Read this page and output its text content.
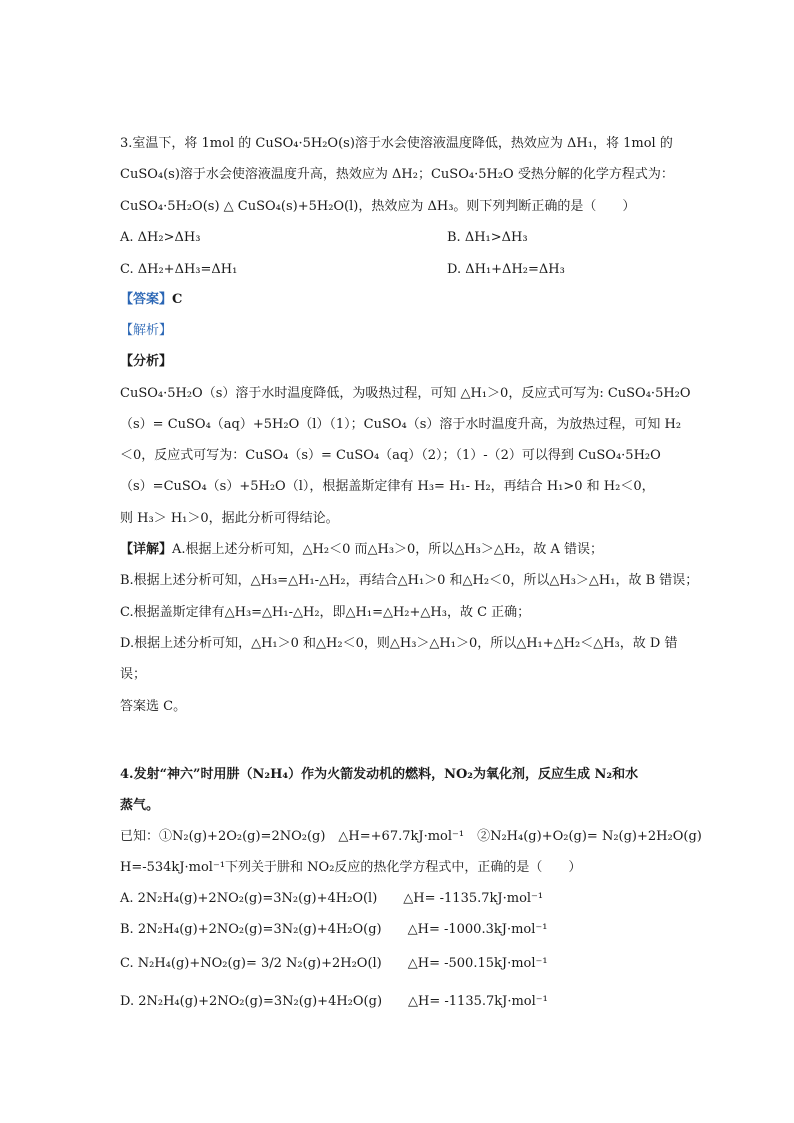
3.室温下，将 1mol 的 CuSO₄·5H₂O(s)溶于水会使溶液温度降低，热效应为 ΔH₁，将 1mol 的
CuSO₄(s)溶于水会使溶液温度升高，热效应为 ΔH₂；CuSO₄·5H₂O 受热分解的化学方程式为：
CuSO₄·5H₂O(s) △ CuSO₄(s)+5H₂O(l)，热效应为 ΔH₃。则下列判断正确的是（　　）
A. ΔH₂>ΔH₃	B. ΔH₁>ΔH₃
C. ΔH₂+ΔH₃=ΔH₁	D. ΔH₁+ΔH₂=ΔH₃
【答案】C
【解析】
【分析】
CuSO₄·5H₂O（s）溶于水时温度降低，为吸热过程，可知 △H₁＞0，反应式可写为: CuSO₄·5H₂O
（s）= CuSO₄（aq）+5H₂O（l）（1）；CuSO₄（s）溶于水时温度升高，为放热过程，可知 H₂
＜0，反应式可写为：CuSO₄（s）= CuSO₄（aq）（2）；（1）-（2）可以得到 CuSO₄·5H₂O
（s）=CuSO₄（s）+5H₂O（l），根据盖斯定律有 H₃= H₁- H₂，再结合 H₁>0 和 H₂＜0，
则 H₃＞ H₁＞0，据此分析可得结论。
【详解】A.根据上述分析可知，△H₂＜0 而△H₃＞0，所以△H₃＞△H₂，故 A 错误；
B.根据上述分析可知，△H₃=△H₁-△H₂，再结合△H₁＞0 和△H₂＜0，所以△H₃＞△H₁，故 B 错误；
C.根据盖斯定律有△H₃=△H₁-△H₂，即△H₁=△H₂+△H₃，故 C 正确；
D.根据上述分析可知，△H₁＞0 和△H₂＜0，则△H₃＞△H₁＞0，所以△H₁+△H₂＜△H₃，故 D 错
误；
答案选 C。
4.发射“神六”时用肼（N₂H₄）作为火箭发动机的燃料，NO₂为氧化剂，反应生成 N₂和水
蒸气。
已知：①N₂(g)+2O₂(g)=2NO₂(g)　△H=+67.7kJ·mol⁻¹　②N₂H₄(g)+O₂(g)= N₂(g)+2H₂O(g)
H=-534kJ·mol⁻¹下列关于肼和 NO₂反应的热化学方程式中，正确的是（　　）
A. 2N₂H₄(g)+2NO₂(g)=3N₂(g)+4H₂O(l)　　△H= -1135.7kJ·mol⁻¹
B. 2N₂H₄(g)+2NO₂(g)=3N₂(g)+4H₂O(g)　　△H= -1000.3kJ·mol⁻¹
C. N₂H₄(g)+NO₂(g)= 3/2 N₂(g)+2H₂O(l)　　△H= -500.15kJ·mol⁻¹
D. 2N₂H₄(g)+2NO₂(g)=3N₂(g)+4H₂O(g)　　△H= -1135.7kJ·mol⁻¹
